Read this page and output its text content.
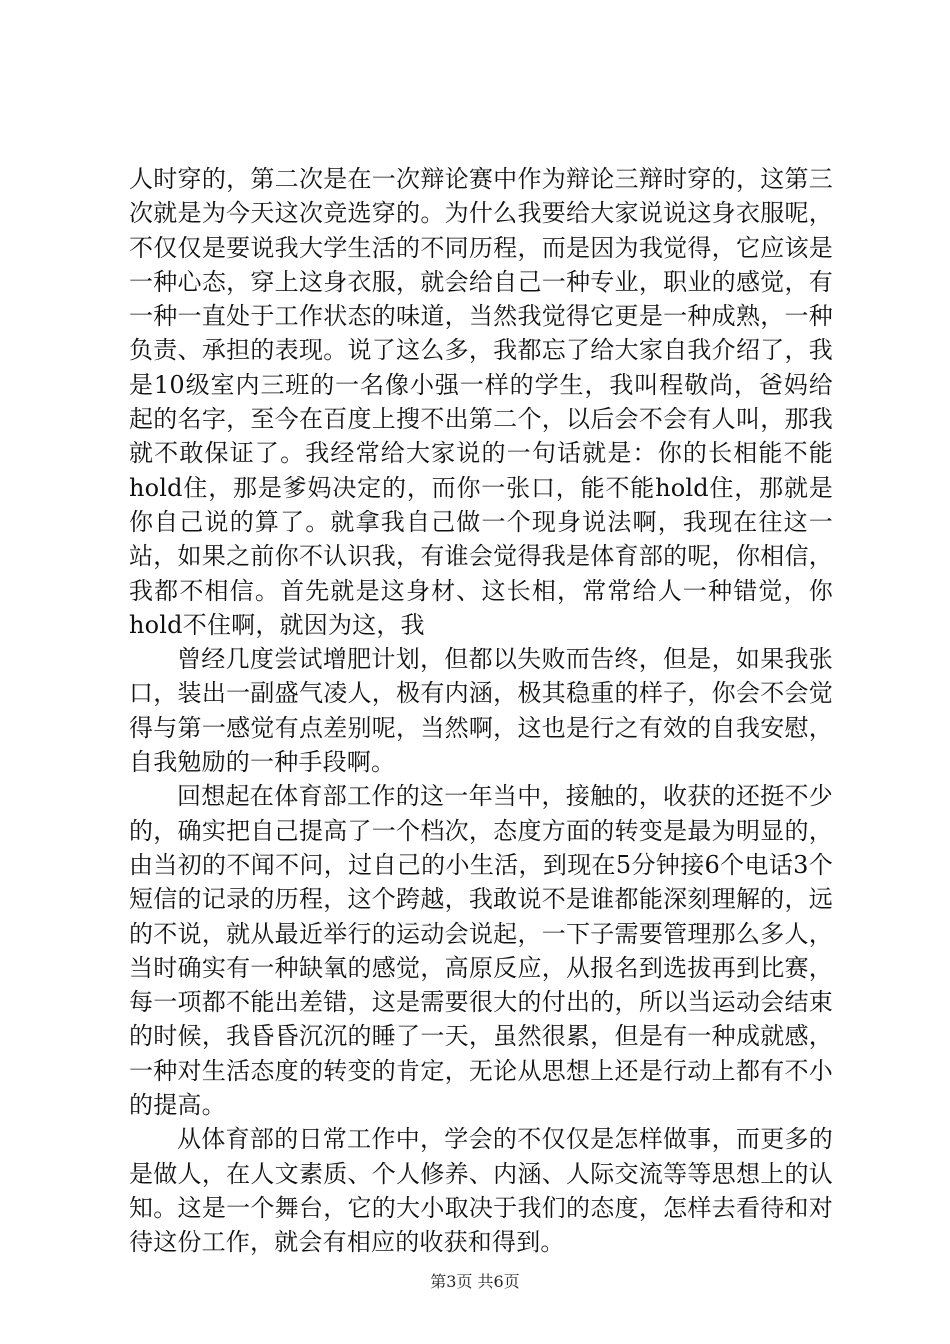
人时穿的，第二次是在一次辩论赛中作为辩论三辩时穿的，这第三次就是为今天这次竞选穿的。为什么我要给大家说说这身衣服呢，不仅仅是要说我大学生活的不同历程，而是因为我觉得，它应该是一种心态，穿上这身衣服，就会给自己一种专业，职业的感觉，有一种一直处于工作状态的味道，当然我觉得它更是一种成熟，一种负责、承担的表现。说了这么多，我都忘了给大家自我介绍了，我是10级室内三班的一名像小强一样的学生，我叫程敬尚，爸妈给起的名字，至今在百度上搜不出第二个，以后会不会有人叫，那我就不敢保证了。我经常给大家说的一句话就是：你的长相能不能hold住，那是爹妈决定的，而你一张口，能不能hold住，那就是你自己说的算了。就拿我自己做一个现身说法啊，我现在往这一站，如果之前你不认识我，有谁会觉得我是体育部的呢，你相信，我都不相信。首先就是这身材、这长相，常常给人一种错觉，你hold不住啊，就因为这，我

曾经几度尝试增肥计划，但都以失败而告终，但是，如果我张口，装出一副盛气凌人，极有内涵，极其稳重的样子，你会不会觉得与第一感觉有点差别呢，当然啊，这也是行之有效的自我安慰，自我勉励的一种手段啊。

回想起在体育部工作的这一年当中，接触的，收获的还挺不少的，确实把自己提高了一个档次，态度方面的转变是最为明显的，由当初的不闻不问，过自己的小生活，到现在5分钟接6个电话3个短信的记录的历程，这个跨越，我敢说不是谁都能深刻理解的，远的不说，就从最近举行的运动会说起，一下子需要管理那么多人，当时确实有一种缺氧的感觉，高原反应，从报名到选拔再到比赛，每一项都不能出差错，这是需要很大的付出的，所以当运动会结束的时候，我昏昏沉沉的睡了一天，虽然很累，但是有一种成就感，一种对生活态度的转变的肯定，无论从思想上还是行动上都有不小的提高。

从体育部的日常工作中，学会的不仅仅是怎样做事，而更多的是做人，在人文素质、个人修养、内涵、人际交流等等思想上的认知。这是一个舞台，它的大小取决于我们的态度，怎样去看待和对待这份工作，就会有相应的收获和得到。

第3页 共6页
